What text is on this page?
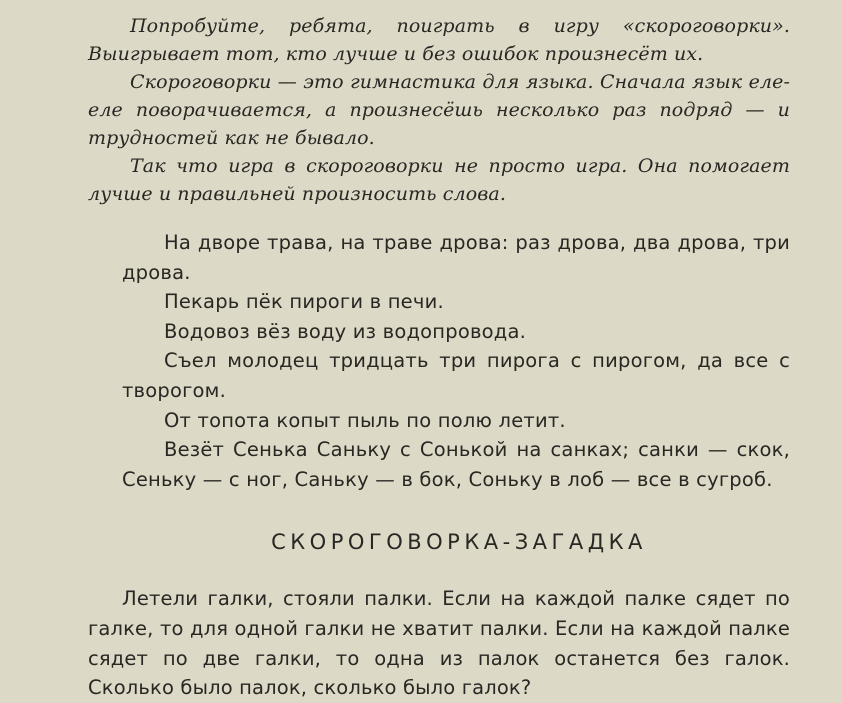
Попробуйте, ребята, поиграть в игру «скороговорки». Выигрывает тот, кто лучше и без ошибок произнесёт их.

Скороговорки — это гимнастика для языка. Сначала язык еле-еле поворачивается, а произнесёшь несколько раз подряд — и трудностей как не бывало.

Так что игра в скороговорки не просто игра. Она помогает лучше и правильней произносить слова.

На дворе трава, на траве дрова: раз дрова, два дрова, три дрова.

Пекарь пёк пироги в печи.

Водовоз вёз воду из водопровода.

Съел молодец тридцать три пирога с пирогом, да все с творогом.

От топота копыт пыль по полю летит.

Везёт Сенька Саньку с Сонькой на санках; санки — скок, Сеньку — с ног, Саньку — в бок, Соньку в лоб — все в сугроб.

СКОРОГОВОРКА-ЗАГАДКА

Летели галки, стояли палки. Если на каждой палке сядет по галке, то для одной галки не хватит палки. Если на каждой палке сядет по две галки, то одна из палок останется без галок. Сколько было палок, сколько было галок?
